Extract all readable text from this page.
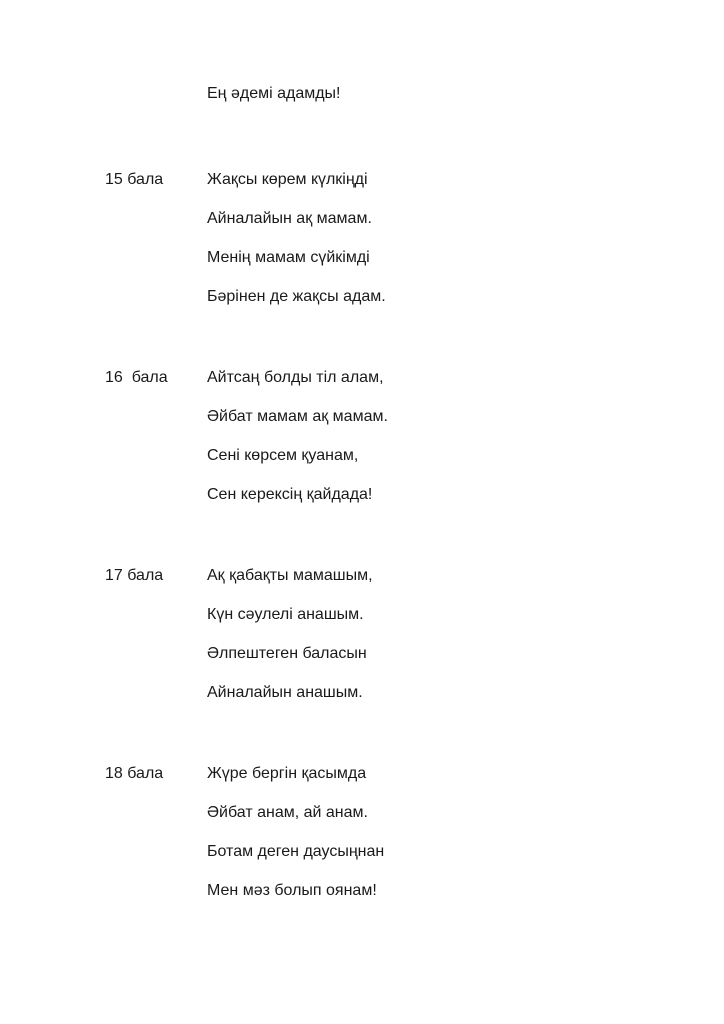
Ең әдемі адамды!
15 бала	Жақсы көрем күлкіңді
Айналайын ақ мамам.
Менің мамам сүйкімді
Бәрінен де жақсы адам.
16  бала	Айтсаң болды тіл алам,
Әйбат мамам ақ мамам.
Сені көрсем қуанам,
Сен керексің қайдада!
17 бала	Ақ қабақты мамашым,
Күн сәулелі анашым.
Әлпештеген баласын
Айналайын анашым.
18 бала	Жүре бергін қасымда
Әйбат анам, ай анам.
Ботам деген даусыңнан
Мен мәз болып оянам!
